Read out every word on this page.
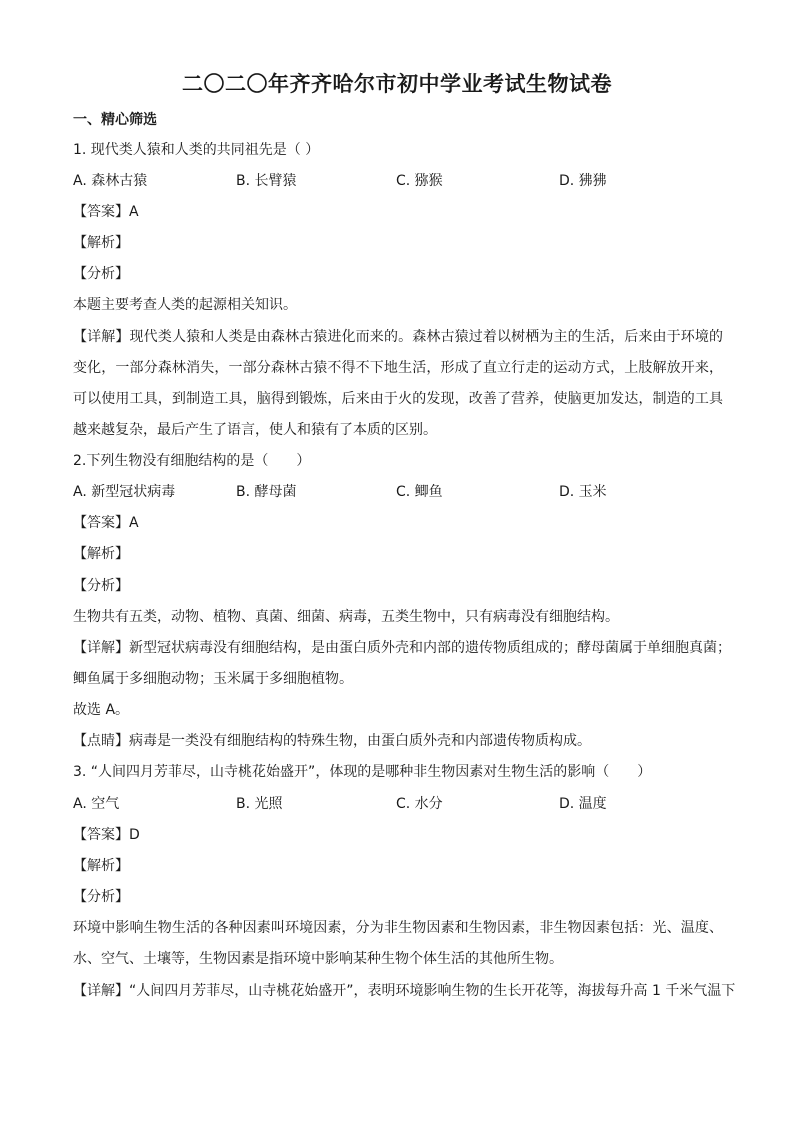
二〇二〇年齐齐哈尔市初中学业考试生物试卷
一、精心筛选
1. 现代类人猿和人类的共同祖先是（ ）
A. 森林古猿	B. 长臂猿	C. 猕猴	D. 狒狒
【答案】A
【解析】
【分析】
本题主要考查人类的起源相关知识。
【详解】现代类人猿和人类是由森林古猿进化而来的。森林古猿过着以树栖为主的生活，后来由于环境的
变化，一部分森林消失，一部分森林古猿不得不下地生活，形成了直立行走的运动方式，上肢解放开来，
可以使用工具，到制造工具，脑得到锻炼，后来由于火的发现，改善了营养，使脑更加发达，制造的工具
越来越复杂，最后产生了语言，使人和猿有了本质的区别。
2.下列生物没有细胞结构的是（　　）
A. 新型冠状病毒	B. 酵母菌	C. 鲫鱼	D. 玉米
【答案】A
【解析】
【分析】
生物共有五类，动物、植物、真菌、细菌、病毒，五类生物中，只有病毒没有细胞结构。
【详解】新型冠状病毒没有细胞结构，是由蛋白质外壳和内部的遗传物质组成的；酵母菌属于单细胞真菌；
鲫鱼属于多细胞动物；玉米属于多细胞植物。
故选 A。
【点睛】病毒是一类没有细胞结构的特殊生物，由蛋白质外壳和内部遗传物质构成。
3. “人间四月芳菲尽，山寺桃花始盛开”，体现的是哪种非生物因素对生物生活的影响（　　）
A. 空气	B. 光照	C. 水分	D. 温度
【答案】D
【解析】
【分析】
环境中影响生物生活的各种因素叫环境因素，分为非生物因素和生物因素，非生物因素包括：光、温度、
水、空气、土壤等，生物因素是指环境中影响某种生物个体生活的其他所生物。
【详解】“人间四月芳菲尽，山寺桃花始盛开”，表明环境影响生物的生长开花等，海拔每升高 1 千米气温下
